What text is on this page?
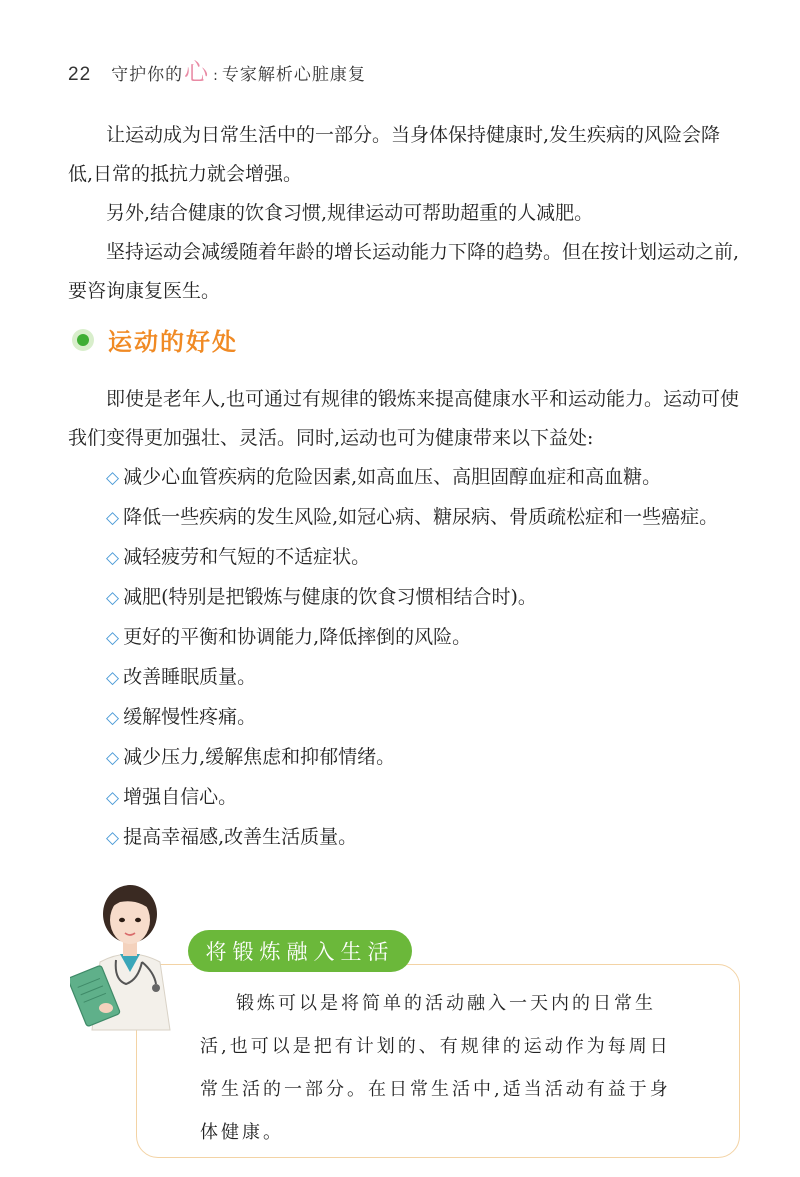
22 守护你的 心 : 专家解析心脏康复

让运动成为日常生活中的一部分。当身体保持健康时,发生疾病的风险会降低,日常的抵抗力就会增强。

另外,结合健康的饮食习惯,规律运动可帮助超重的人减肥。

坚持运动会减缓随着年龄的增长运动能力下降的趋势。但在按计划运动之前,要咨询康复医生。

运动的好处

即使是老年人,也可通过有规律的锻炼来提高健康水平和运动能力。运动可使我们变得更加强壮、灵活。同时,运动也可为健康带来以下益处:

◇ 减少心血管疾病的危险因素,如高血压、高胆固醇血症和高血糖。

◇ 降低一些疾病的发生风险,如冠心病、糖尿病、骨质疏松症和一些癌症。

◇ 减轻疲劳和气短的不适症状。

◇ 减肥(特别是把锻炼与健康的饮食习惯相结合时)。

◇ 更好的平衡和协调能力,降低摔倒的风险。

◇ 改善睡眠质量。

◇ 缓解慢性疼痛。

◇ 减少压力,缓解焦虑和抑郁情绪。

◇ 增强自信心。

◇ 提高幸福感,改善生活质量。

将锻炼融入生活

锻炼可以是将简单的活动融入一天内的日常生活,也可以是把有计划的、有规律的运动作为每周日常生活的一部分。在日常生活中,适当活动有益于身体健康。
